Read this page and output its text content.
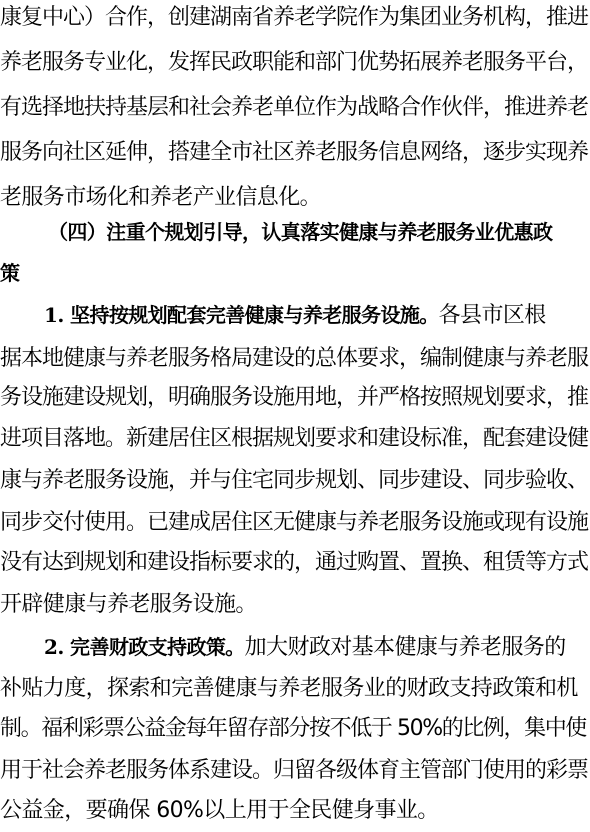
康复中心）合作，创建湖南省养老学院作为集团业务机构，推进
养老服务专业化，发挥民政职能和部门优势拓展养老服务平台，
有选择地扶持基层和社会养老单位作为战略合作伙伴，推进养老
服务向社区延伸，搭建全市社区养老服务信息网络，逐步实现养
老服务市场化和养老产业信息化。
（四）注重个规划引导，认真落实健康与养老服务业优惠政
策
1. 坚持按规划配套完善健康与养老服务设施。各县市区根
据本地健康与养老服务格局建设的总体要求，编制健康与养老服
务设施建设规划，明确服务设施用地，并严格按照规划要求，推
进项目落地。新建居住区根据规划要求和建设标准，配套建设健
康与养老服务设施，并与住宅同步规划、同步建设、同步验收、
同步交付使用。已建成居住区无健康与养老服务设施或现有设施
没有达到规划和建设指标要求的，通过购置、置换、租赁等方式
开辟健康与养老服务设施。
2. 完善财政支持政策。加大财政对基本健康与养老服务的
补贴力度，探索和完善健康与养老服务业的财政支持政策和机
制。福利彩票公益金每年留存部分按不低于 50%的比例，集中使
用于社会养老服务体系建设。归留各级体育主管部门使用的彩票
公益金，要确保 60%以上用于全民健身事业。
